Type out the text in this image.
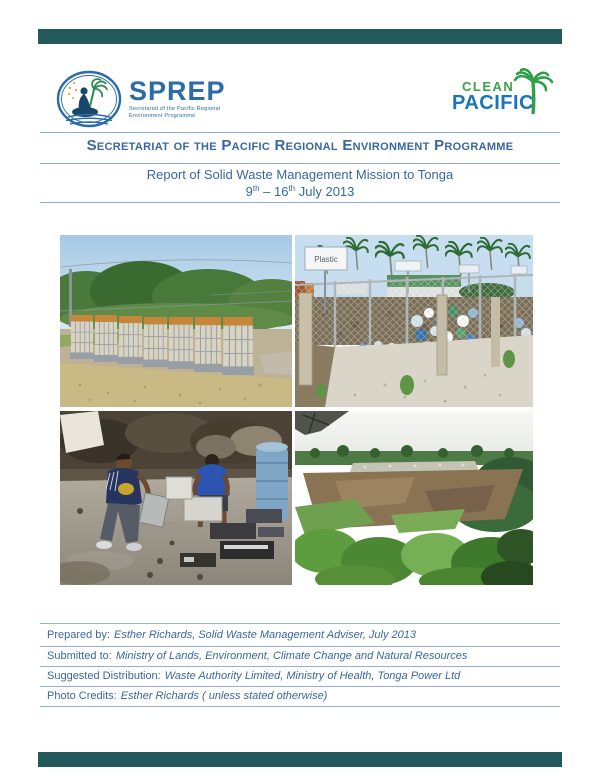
SPREP
Secretariat of the Pacific Regional
Environment Programme
CLEAN
PACIFIC
Secretariat of the Pacific Regional Environment Programme
Report of Solid Waste Management Mission to Tonga
9th – 16th July 2013
Plastic
Prepared by: Esther Richards, Solid Waste Management Adviser, July 2013
Submitted to: Ministry of Lands, Environment, Climate Change and Natural Resources
Suggested Distribution: Waste Authority Limited, Ministry of Health, Tonga Power Ltd
Photo Credits: Esther Richards ( unless stated otherwise)
